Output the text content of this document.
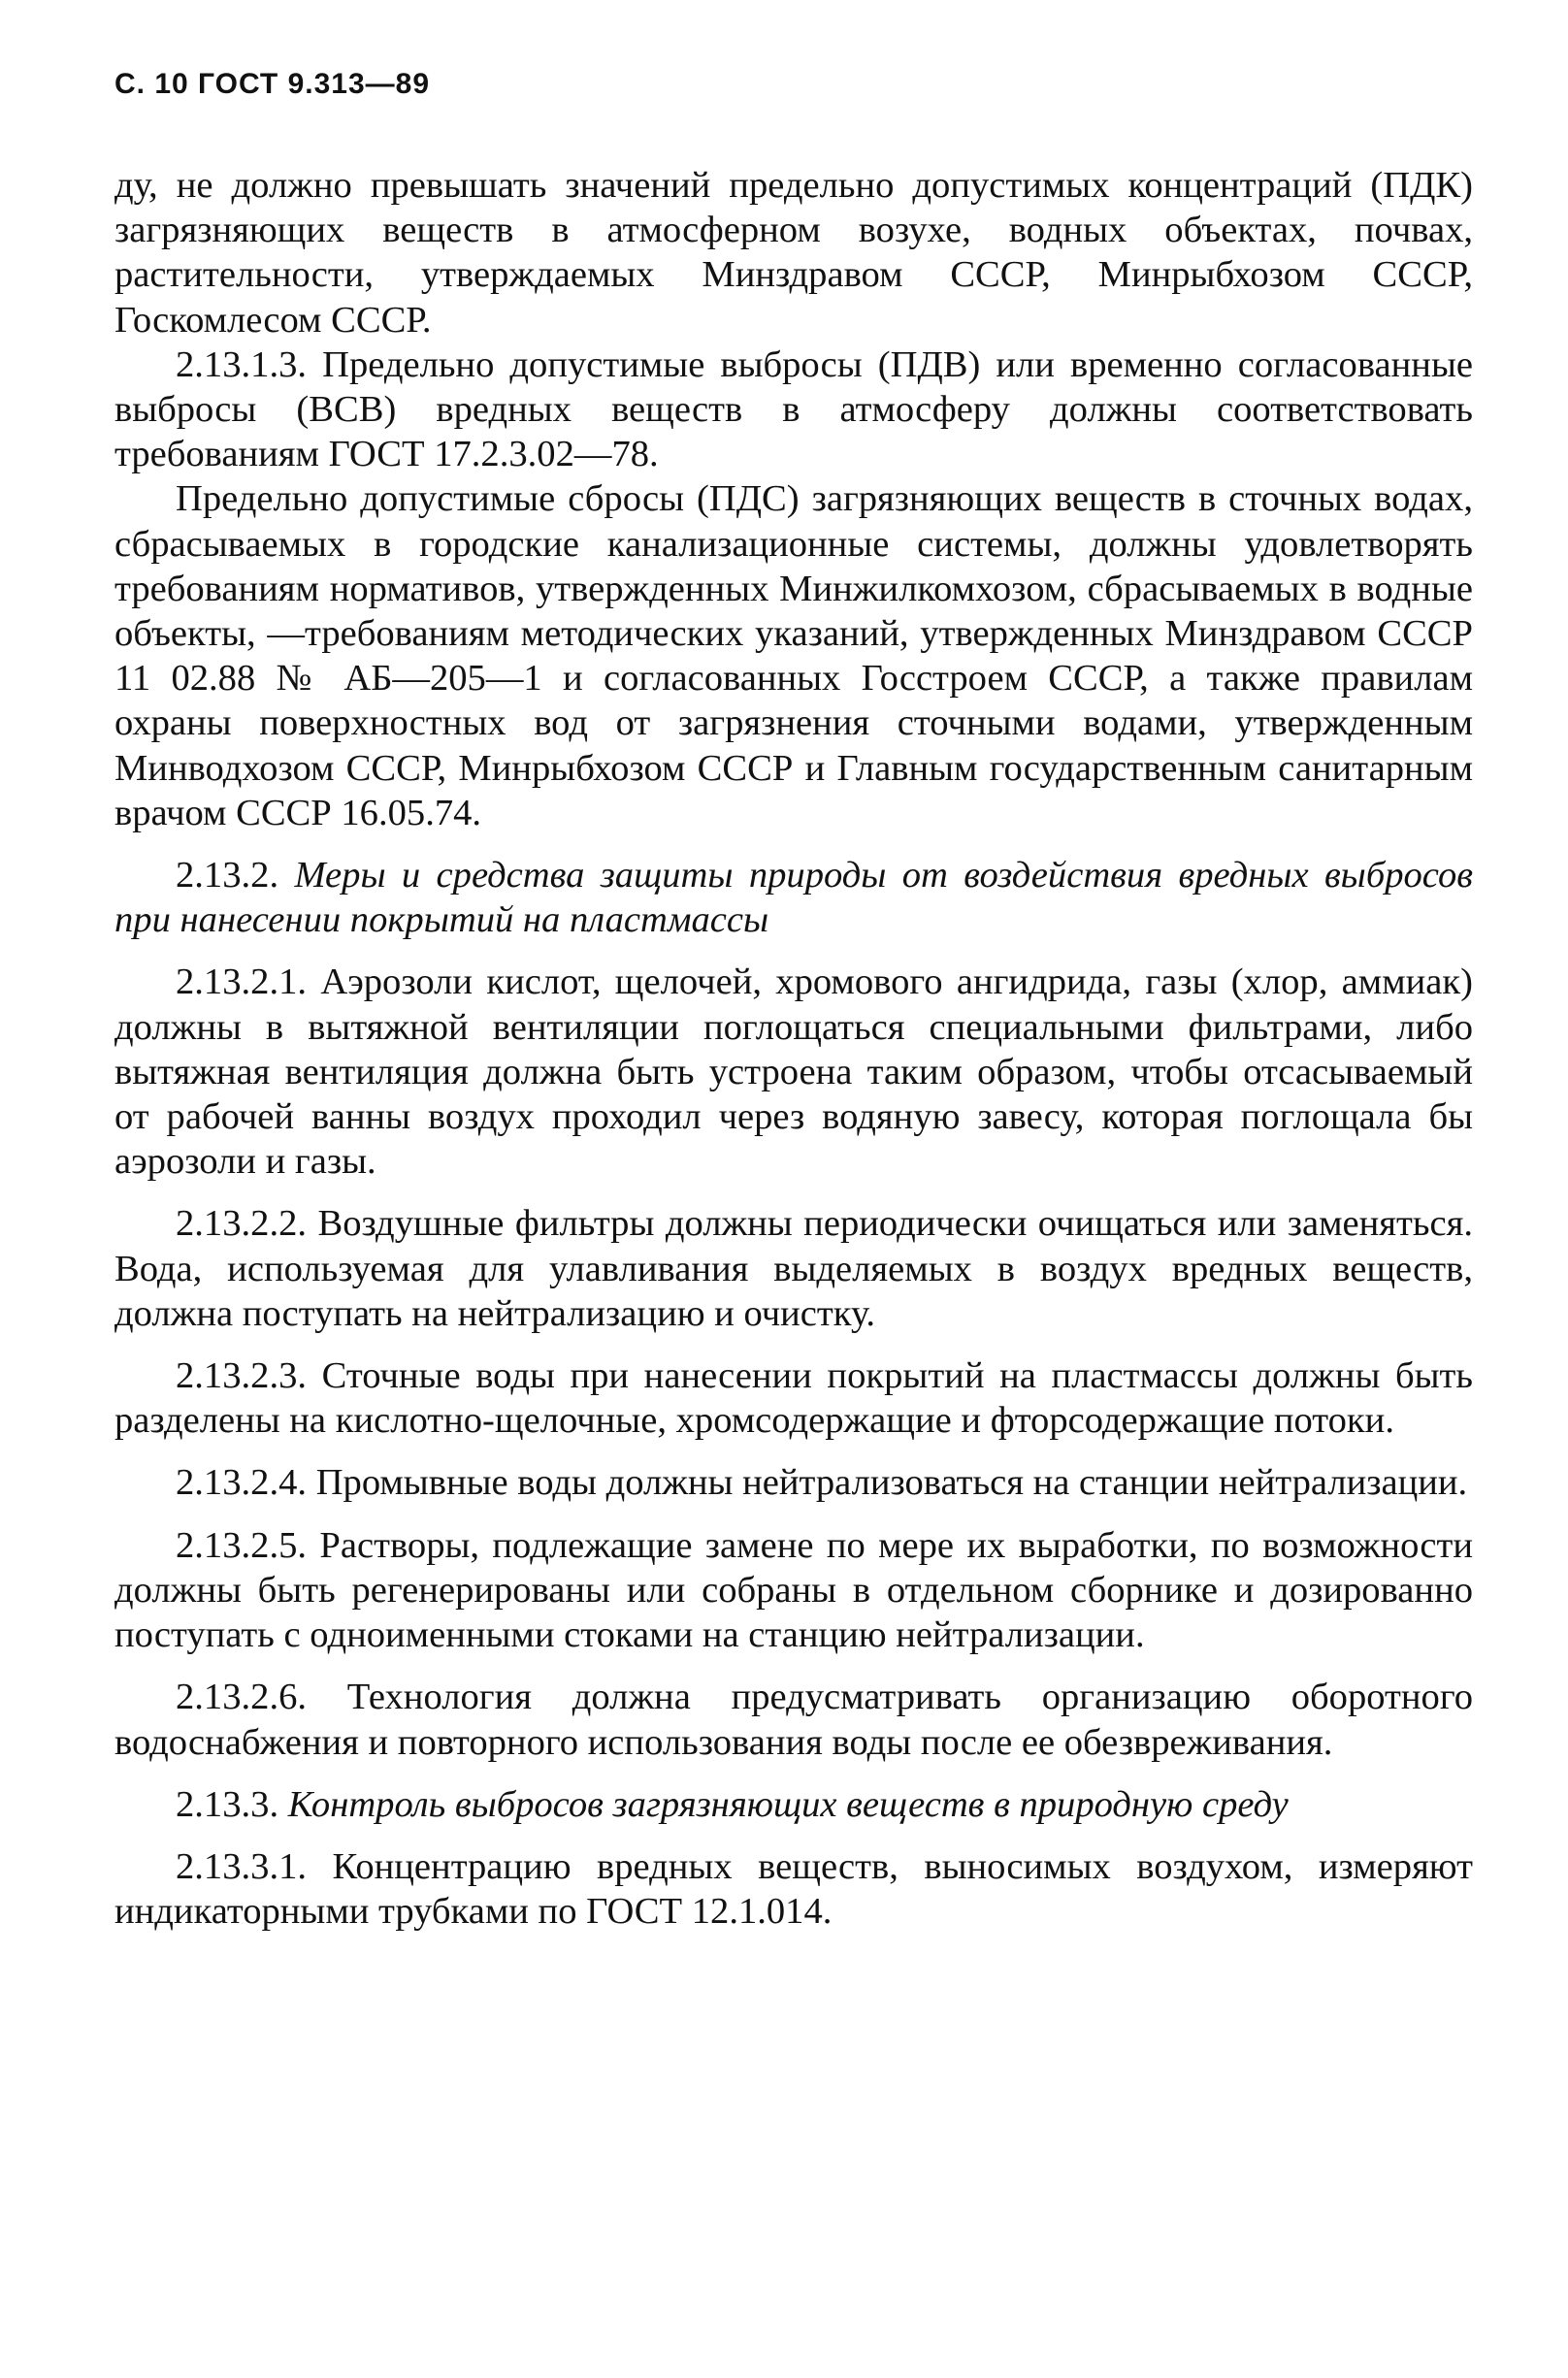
С. 10 ГОСТ 9.313—89

ду, не должно превышать значений предельно допустимых концентраций (ПДК) загрязняющих веществ в атмосферном возухе, водных объектах, почвах, растительности, утверждаемых Минздравом СССР, Минрыбхозом СССР, Госкомлесом СССР.

2.13.1.3. Предельно допустимые выбросы (ПДВ) или временно согласованные выбросы (ВСВ) вредных веществ в атмосферу должны соответствовать требованиям ГОСТ 17.2.3.02—78.

Предельно допустимые сбросы (ПДС) загрязняющих веществ в сточных водах, сбрасываемых в городские канализационные системы, должны удовлетворять требованиям нормативов, утвержденных Минжилкомхозом, сбрасываемых в водные объекты, —требованиям методических указаний, утвержденных Минздравом СССР 11 02.88 № АБ—205—1 и согласованных Госстроем СССР, а также правилам охраны поверхностных вод от загрязнения сточными водами, утвержденным Минводхозом СССР, Минрыбхозом СССР и Главным государственным санитарным врачом СССР 16.05.74.

2.13.2. Меры и средства защиты природы от воздействия вредных выбросов при нанесении покрытий на пластмассы

2.13.2.1. Аэрозоли кислот, щелочей, хромового ангидрида, газы (хлор, аммиак) должны в вытяжной вентиляции поглощаться специальными фильтрами, либо вытяжная вентиляция должна быть устроена таким образом, чтобы отсасываемый от рабочей ванны воздух проходил через водяную завесу, которая поглощала бы аэрозоли и газы.

2.13.2.2. Воздушные фильтры должны периодически очищаться или заменяться. Вода, используемая для улавливания выделяемых в воздух вредных веществ, должна поступать на нейтрализацию и очистку.

2.13.2.3. Сточные воды при нанесении покрытий на пластмассы должны быть разделены на кислотно-щелочные, хромсодержащие и фторсодержащие потоки.

2.13.2.4. Промывные воды должны нейтрализоваться на станции нейтрализации.

2.13.2.5. Растворы, подлежащие замене по мере их выработки, по возможности должны быть регенерированы или собраны в отдельном сборнике и дозированно поступать с одноименными стоками на станцию нейтрализации.

2.13.2.6. Технология должна предусматривать организацию оборотного водоснабжения и повторного использования воды после ее обезвреживания.

2.13.3. Контроль выбросов загрязняющих веществ в природную среду

2.13.3.1. Концентрацию вредных веществ, выносимых воздухом, измеряют индикаторными трубками по ГОСТ 12.1.014.
